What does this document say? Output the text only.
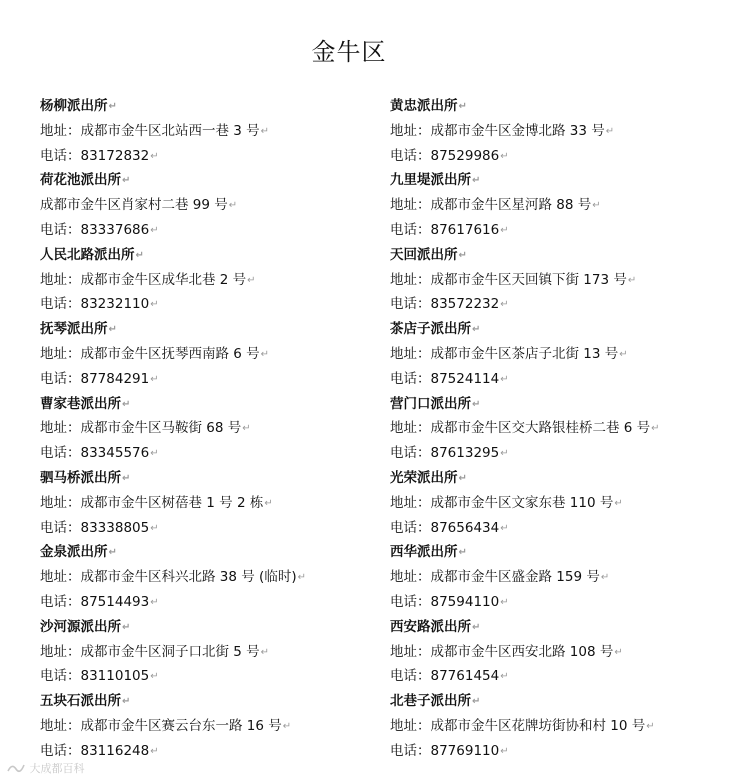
金牛区
杨柳派出所↵
地址：成都市金牛区北站西一巷 3 号↵
电话：83172832↵
荷花池派出所↵
成都市金牛区肖家村二巷 99 号↵
电话：83337686↵
人民北路派出所↵
地址：成都市金牛区成华北巷 2 号↵
电话：83232110↵
抚琴派出所↵
地址：成都市金牛区抚琴西南路 6 号↵
电话：87784291↵
曹家巷派出所↵
地址：成都市金牛区马鞍街 68 号↵
电话：83345576↵
驷马桥派出所↵
地址：成都市金牛区树蓓巷 1 号 2 栋↵
电话：83338805↵
金泉派出所↵
地址：成都市金牛区科兴北路 38 号 (临时)↵
电话：87514493↵
沙河源派出所↵
地址：成都市金牛区洞子口北街 5 号↵
电话：83110105↵
五块石派出所↵
地址：成都市金牛区赛云台东一路 16 号↵
电话：83116248↵
黄忠派出所↵
地址：成都市金牛区金博北路 33 号↵
电话：87529986↵
九里堤派出所↵
地址：成都市金牛区星河路 88 号↵
电话：87617616↵
天回派出所↵
地址：成都市金牛区天回镇下街 173 号↵
电话：83572232↵
茶店子派出所↵
地址：成都市金牛区茶店子北街 13 号↵
电话：87524114↵
营门口派出所↵
地址：成都市金牛区交大路银桂桥二巷 6 号↵
电话：87613295↵
光荣派出所↵
地址：成都市金牛区文家东巷 110 号↵
电话：87656434↵
西华派出所↵
地址：成都市金牛区盛金路 159 号↵
电话：87594110↵
西安路派出所↵
地址：成都市金牛区西安北路 108 号↵
电话：87761454↵
北巷子派出所↵
地址：成都市金牛区花牌坊街协和村 10 号↵
电话：87769110↵
大成都百科
